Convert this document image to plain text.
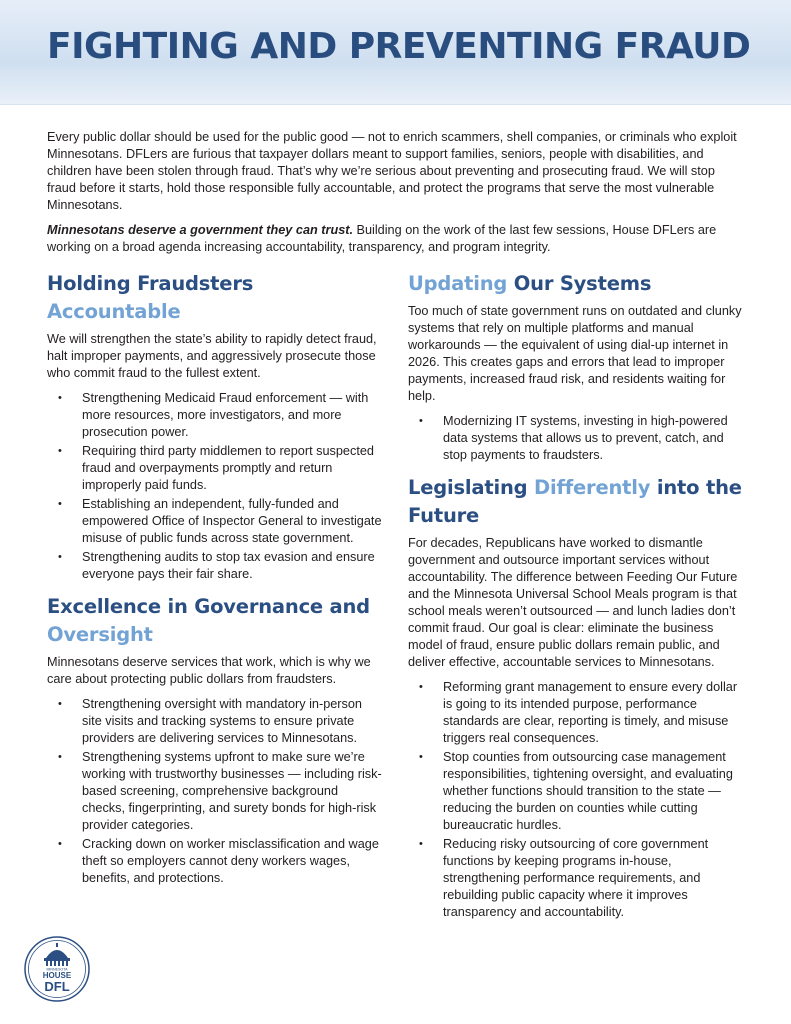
FIGHTING AND PREVENTING FRAUD

Every public dollar should be used for the public good — not to enrich scammers, shell companies, or criminals who exploit Minnesotans. DFLers are furious that taxpayer dollars meant to support families, seniors, people with disabilities, and children have been stolen through fraud. That’s why we’re serious about preventing and prosecuting fraud. We will stop fraud before it starts, hold those responsible fully accountable, and protect the programs that serve the most vulnerable Minnesotans.

Minnesotans deserve a government they can trust. Building on the work of the last few sessions, House DFLers are working on a broad agenda increasing accountability, transparency, and program integrity.

Holding Fraudsters Accountable

We will strengthen the state’s ability to rapidly detect fraud, halt improper payments, and aggressively prosecute those who commit fraud to the fullest extent.

• Strengthening Medicaid Fraud enforcement — with more resources, more investigators, and more prosecution power.
• Requiring third party middlemen to report suspected fraud and overpayments promptly and return improperly paid funds.
• Establishing an independent, fully-funded and empowered Office of Inspector General to investigate misuse of public funds across state government.
• Strengthening audits to stop tax evasion and ensure everyone pays their fair share.
Excellence in Governance and Oversight

Minnesotans deserve services that work, which is why we care about protecting public dollars from fraudsters.

• Strengthening oversight with mandatory in-person site visits and tracking systems to ensure private providers are delivering services to Minnesotans.
• Strengthening systems upfront to make sure we’re working with trustworthy businesses — including risk-based screening, comprehensive background checks, fingerprinting, and surety bonds for high-risk provider categories.
• Cracking down on worker misclassification and wage theft so employers cannot deny workers wages, benefits, and protections.
Updating Our Systems

Too much of state government runs on outdated and clunky systems that rely on multiple platforms and manual workarounds — the equivalent of using dial-up internet in 2026. This creates gaps and errors that lead to improper payments, increased fraud risk, and residents waiting for help.

• Modernizing IT systems, investing in high-powered data systems that allows us to prevent, catch, and stop payments to fraudsters.
Legislating Differently into the Future

For decades, Republicans have worked to dismantle government and outsource important services without accountability. The difference between Feeding Our Future and the Minnesota Universal School Meals program is that school meals weren’t outsourced — and lunch ladies don’t commit fraud. Our goal is clear: eliminate the business model of fraud, ensure public dollars remain public, and deliver effective, accountable services to Minnesotans.

• Reforming grant management to ensure every dollar is going to its intended purpose, performance standards are clear, reporting is timely, and misuse triggers real consequences.
• Stop counties from outsourcing case management responsibilities, tightening oversight, and evaluating whether functions should transition to the state — reducing the burden on counties while cutting bureaucratic hurdles.
• Reducing risky outsourcing of core government functions by keeping programs in-house, strengthening performance requirements, and rebuilding public capacity where it improves transparency and accountability.
MINNESOTA
HOUSE
DFL
